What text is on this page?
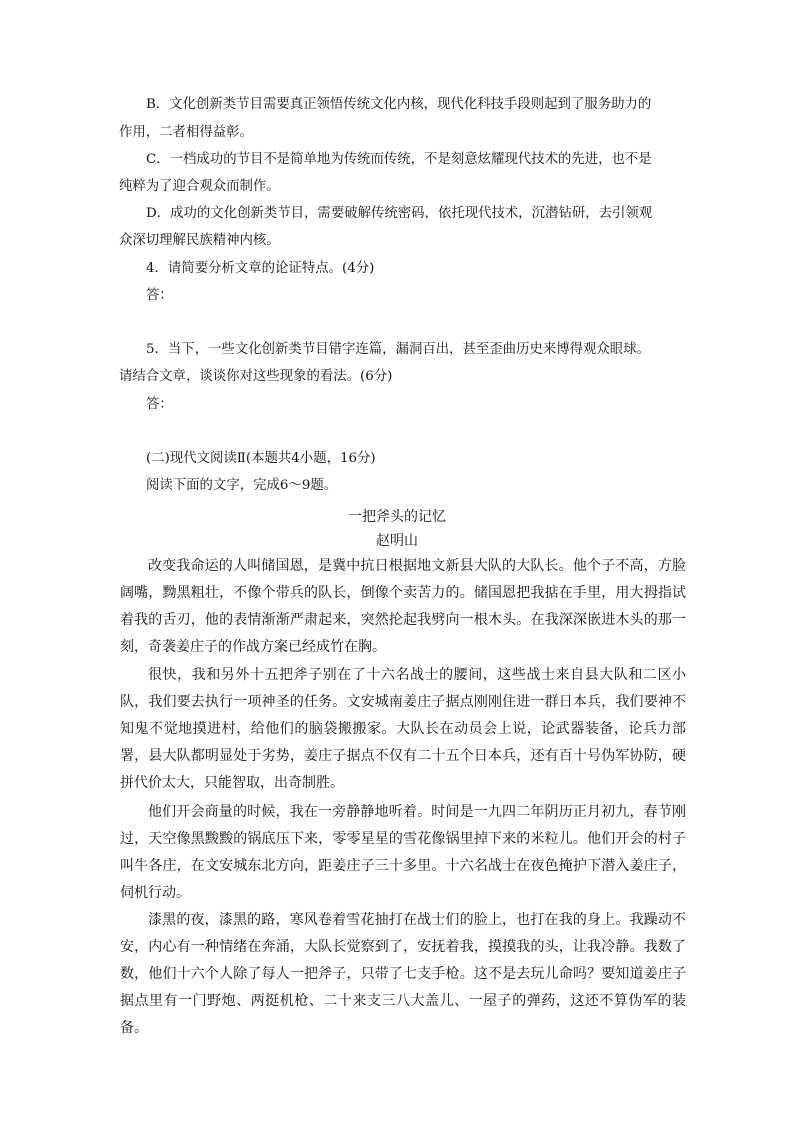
B．文化创新类节目需要真正领悟传统文化内核，现代化科技手段则起到了服务助力的
作用，二者相得益彰。
C．一档成功的节目不是简单地为传统而传统，不是刻意炫耀现代技术的先进，也不是
纯粹为了迎合观众而制作。
D．成功的文化创新类节目，需要破解传统密码，依托现代技术，沉潜钻研，去引领观
众深切理解民族精神内核。
4．请简要分析文章的论证特点。(4分)
答：
5．当下，一些文化创新类节目错字连篇，漏洞百出，甚至歪曲历史来博得观众眼球。
请结合文章，谈谈你对这些现象的看法。(6分)
答：
(二)现代文阅读Ⅱ(本题共4小题，16分)
阅读下面的文字，完成6～9题。
一把斧头的记忆
赵明山

改变我命运的人叫储国恩，是冀中抗日根据地文新县大队的大队长。他个子不高，方脸阔嘴，黝黑粗壮，不像个带兵的队长，倒像个卖苦力的。储国恩把我掂在手里，用大拇指试着我的舌刃，他的表情渐渐严肃起来，突然抡起我劈向一根木头。在我深深嵌进木头的那一刻，奇袭姜庄子的作战方案已经成竹在胸。

很快，我和另外十五把斧子别在了十六名战士的腰间，这些战士来自县大队和二区小队，我们要去执行一项神圣的任务。文安城南姜庄子据点刚刚住进一群日本兵，我们要神不知鬼不觉地摸进村，给他们的脑袋搬搬家。大队长在动员会上说，论武器装备，论兵力部署，县大队都明显处于劣势，姜庄子据点不仅有二十五个日本兵，还有百十号伪军协防，硬拼代价太大，只能智取，出奇制胜。

他们开会商量的时候，我在一旁静静地听着。时间是一九四二年阴历正月初九，春节刚过，天空像黑黢黢的锅底压下来，零零星星的雪花像锅里掉下来的米粒儿。他们开会的村子叫牛各庄，在文安城东北方向，距姜庄子三十多里。十六名战士在夜色掩护下潜入姜庄子，伺机行动。

漆黑的夜，漆黑的路，寒风卷着雪花抽打在战士们的脸上，也打在我的身上。我躁动不安，内心有一种情绪在奔涌，大队长觉察到了，安抚着我，摸摸我的头，让我冷静。我数了数，他们十六个人除了每人一把斧子，只带了七支手枪。这不是去玩儿命吗？要知道姜庄子据点里有一门野炮、两挺机枪、二十来支三八大盖儿、一屋子的弹药，这还不算伪军的装备。
